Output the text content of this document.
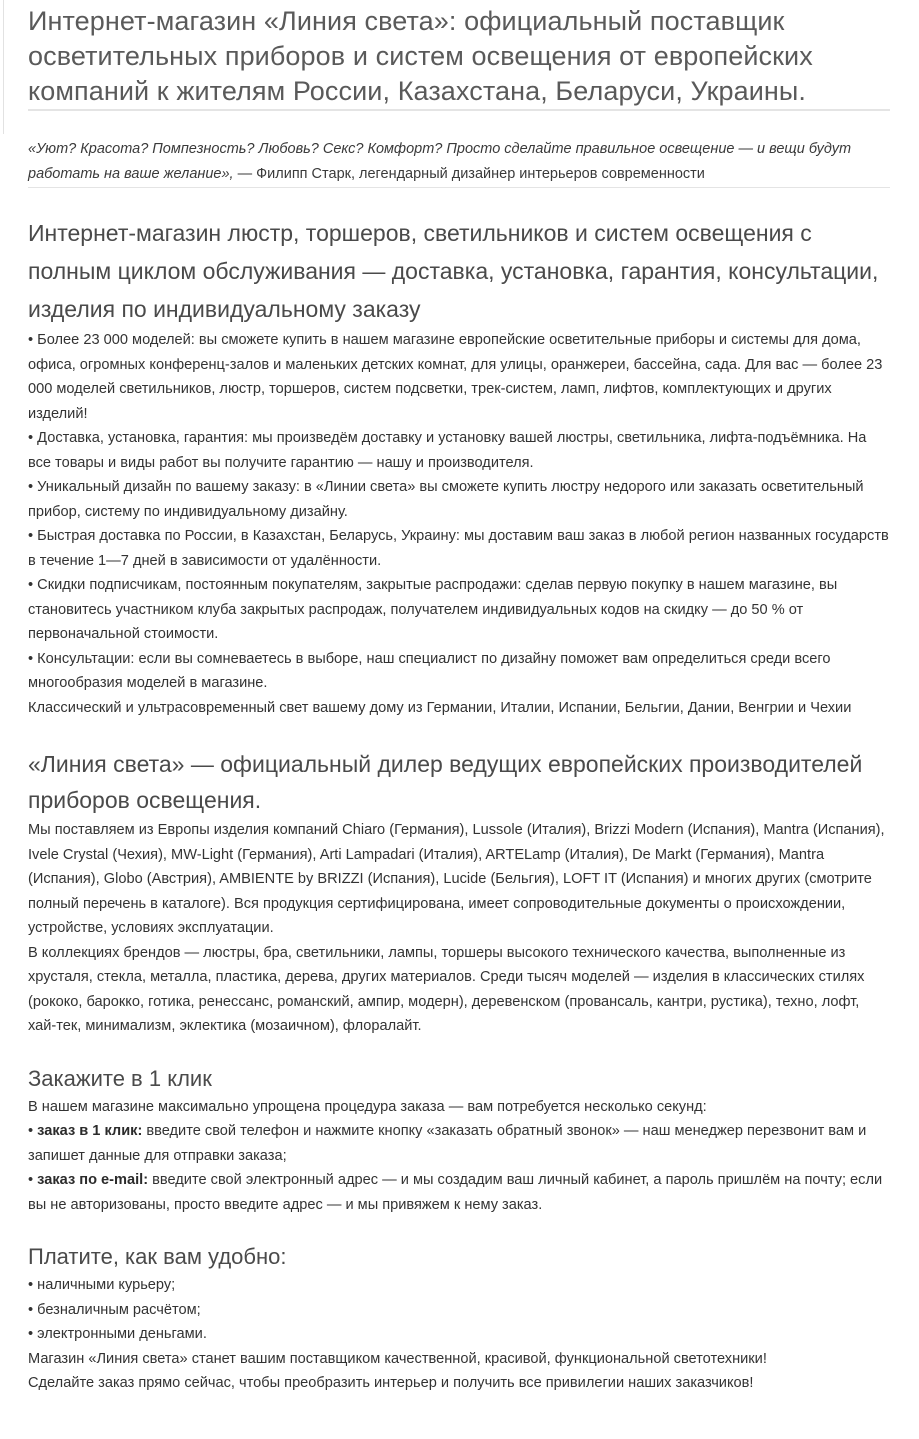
Интернет-магазин «Линия света»: официальный поставщик осветительных приборов и систем освещения от европейских компаний к жителям России, Казахстана, Беларуси, Украины.
«Уют? Красота? Помпезность? Любовь? Секс? Комфорт? Просто сделайте правильное освещение — и вещи будут работать на ваше желание», — Филипп Старк, легендарный дизайнер интерьеров современности
Интернет-магазин люстр, торшеров, светильников и систем освещения с полным циклом обслуживания — доставка, установка, гарантия, консультации, изделия по индивидуальному заказу
• Более 23 000 моделей: вы сможете купить в нашем магазине европейские осветительные приборы и системы для дома, офиса, огромных конференц-залов и маленьких детских комнат, для улицы, оранжереи, бассейна, сада. Для вас — более 23 000 моделей светильников, люстр, торшеров, систем подсветки, трек-систем, ламп, лифтов, комплектующих и других изделий!
• Доставка, установка, гарантия: мы произведём доставку и установку вашей люстры, светильника, лифта-подъёмника. На все товары и виды работ вы получите гарантию — нашу и производителя.
• Уникальный дизайн по вашему заказу: в «Линии света» вы сможете купить люстру недорого или заказать осветительный прибор, систему по индивидуальному дизайну.
• Быстрая доставка по России, в Казахстан, Беларусь, Украину: мы доставим ваш заказ в любой регион названных государств в течение 1—7 дней в зависимости от удалённости.
• Скидки подписчикам, постоянным покупателям, закрытые распродажи: сделав первую покупку в нашем магазине, вы становитесь участником клуба закрытых распродаж, получателем индивидуальных кодов на скидку — до 50 % от первоначальной стоимости.
• Консультации: если вы сомневаетесь в выборе, наш специалист по дизайну поможет вам определиться среди всего многообразия моделей в магазине.

Классический и ультрасовременный свет вашему дому из Германии, Италии, Испании, Бельгии, Дании, Венгрии и Чехии

«Линия света» — официальный дилер ведущих европейских производителей приборов освещения.

Мы поставляем из Европы изделия компаний Chiaro (Германия), Lussole (Италия), Brizzi Modern (Испания), Mantra (Испания), Ivele Crystal (Чехия), MW-Light (Германия), Arti Lampadari (Италия), ARTELamp (Италия), De Markt (Германия), Mantra (Испания), Globo (Австрия), AMBIENTE by BRIZZI (Испания), Lucide (Бельгия), LOFT IT (Испания) и многих других (смотрите полный перечень в каталоге). Вся продукция сертифицирована, имеет сопроводительные документы о происхождении, устройстве, условиях эксплуатации.

В коллекциях брендов — люстры, бра, светильники, лампы, торшеры высокого технического качества, выполненные из хрусталя, стекла, металла, пластика, дерева, других материалов. Среди тысяч моделей — изделия в классических стилях (рококо, барокко, готика, ренессанс, романский, ампир, модерн), деревенском (провансаль, кантри, рустика), техно, лофт, хай-тек, минимализм, эклектика (мозаичном), флоралайт.

Закажите в 1 клик

В нашем магазине максимально упрощена процедура заказа — вам потребуется несколько секунд:

• заказ в 1 клик: введите свой телефон и нажмите кнопку «заказать обратный звонок» — наш менеджер перезвонит вам и запишет данные для отправки заказа;
• заказ по e-mail: введите свой электронный адрес — и мы создадим ваш личный кабинет, а пароль пришлём на почту; если вы не авторизованы, просто введите адрес — и мы привяжем к нему заказ.
Платите, как вам удобно:
• наличными курьеру;
• безналичным расчётом;
• электронными деньгами.

Магазин «Линия света» станет вашим поставщиком качественной, красивой, функциональной светотехники!

Сделайте заказ прямо сейчас, чтобы преобразить интерьер и получить все привилегии наших заказчиков!
